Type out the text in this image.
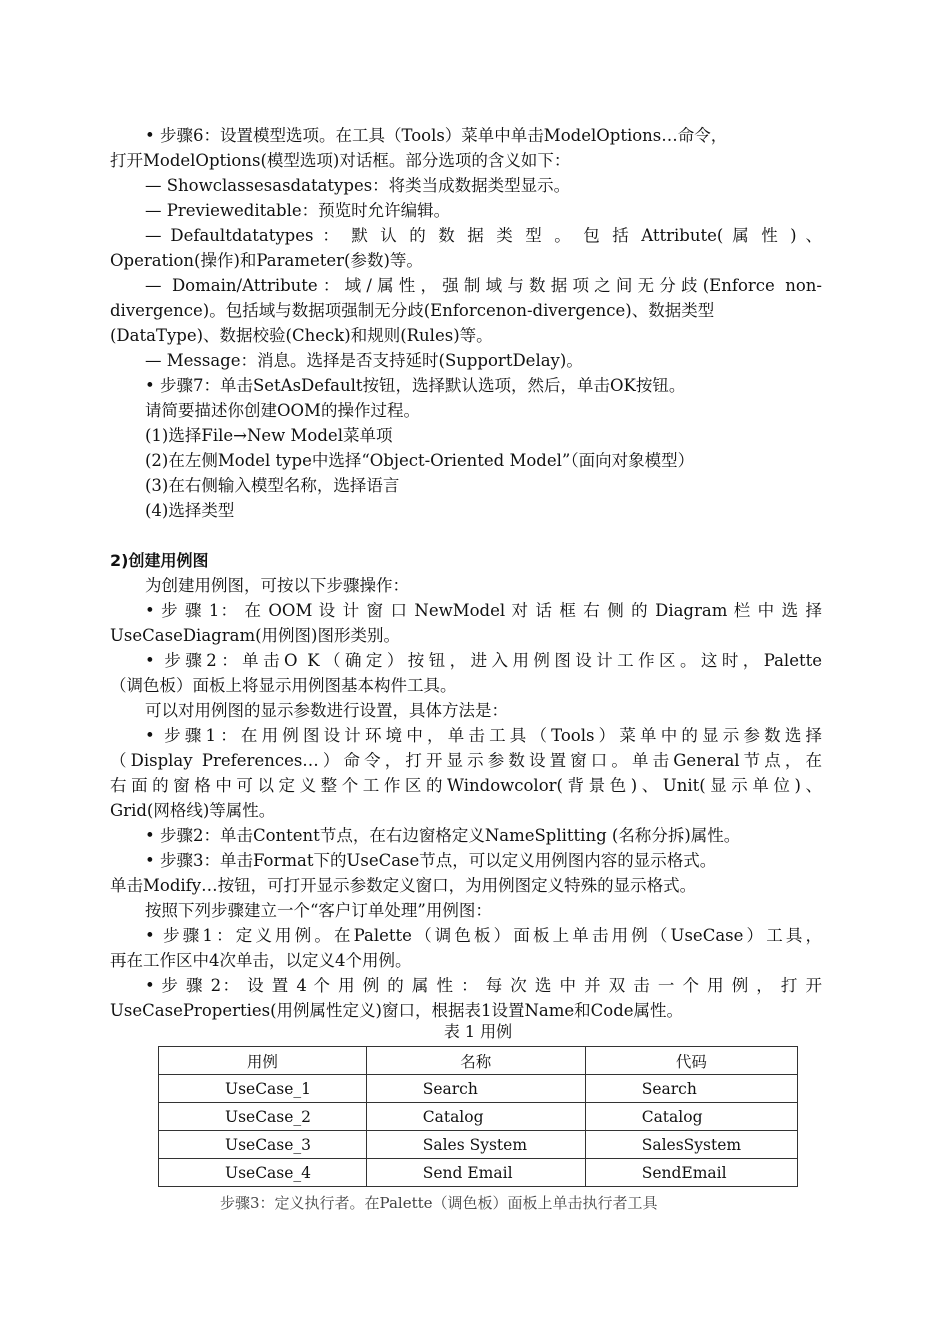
• 步骤6：设置模型选项。在工具（Tools）菜单中单击ModelOptions…命令，
打开ModelOptions(模型选项)对话框。部分选项的含义如下：
— Showclassesasdatatypes：将类当成数据类型显示。
— Previeweditable：预览时允许编辑。
— Defaultdatatypes ： 默 认 的 数 据 类 型 。 包 括 Attribute( 属 性 ) 、
Operation(操作)和Parameter(参数)等。
— Domain/Attribute：域/属性，强制域与数据项之间无分歧(Enforce non-
divergence)。包括域与数据项强制无分歧(Enforcenon-divergence)、数据类型
(DataType)、数据校验(Check)和规则(Rules)等。
— Message：消息。选择是否支持延时(SupportDelay)。
• 步骤7：单击SetAsDefault按钮，选择默认选项，然后，单击OK按钮。
请简要描述你创建OOM的操作过程。
(1)选择File→New Model菜单项
(2)在左侧Model type中选择“Object-Oriented Model”（面向对象模型）
(3)在右侧输入模型名称，选择语言
(4)选择类型
2)创建用例图
为创建用例图，可按以下步骤操作：
• 步 骤 1： 在 OOM 设 计 窗 口 NewModel 对 话 框 右 侧 的 Diagram 栏 中 选 择
UseCaseDiagram(用例图)图形类别。
• 步骤2：单击O K（确定）按钮，进入用例图设计工作区。这时，Palette
（调色板）面板上将显示用例图基本构件工具。
可以对用例图的显示参数进行设置，具体方法是：
• 步骤1：在用例图设计环境中，单击工具（Tools）菜单中的显示参数选择
（Display Preferences…）命令，打开显示参数设置窗口。单击General节点，在
右面的窗格中可以定义整个工作区的Windowcolor(背景色)、Unit(显示单位)、
Grid(网格线)等属性。
• 步骤2：单击Content节点，在右边窗格定义NameSplitting (名称分拆)属性。
• 步骤3：单击Format下的UseCase节点，可以定义用例图内容的显示格式。
单击Modify…按钮，可打开显示参数定义窗口，为用例图定义特殊的显示格式。
按照下列步骤建立一个“客户订单处理”用例图：
• 步骤1：定义用例。在Palette（调色板）面板上单击用例（UseCase）工具，
再在工作区中4次单击，以定义4个用例。
• 步 骤 2： 设 置 4 个 用 例 的 属 性 ： 每 次 选 中 并 双 击 一 个 用 例 ， 打 开
UseCaseProperties(用例属性定义)窗口，根据表1设置Name和Code属性。
表 1 用例
用例	名称	代码
UseCase_1	Search	Search
UseCase_2	Catalog	Catalog
UseCase_3	Sales System	SalesSystem
UseCase_4	Send Email	SendEmail
步骤3：定义执行者。在Palette（调色板）面板上单击执行者工具
